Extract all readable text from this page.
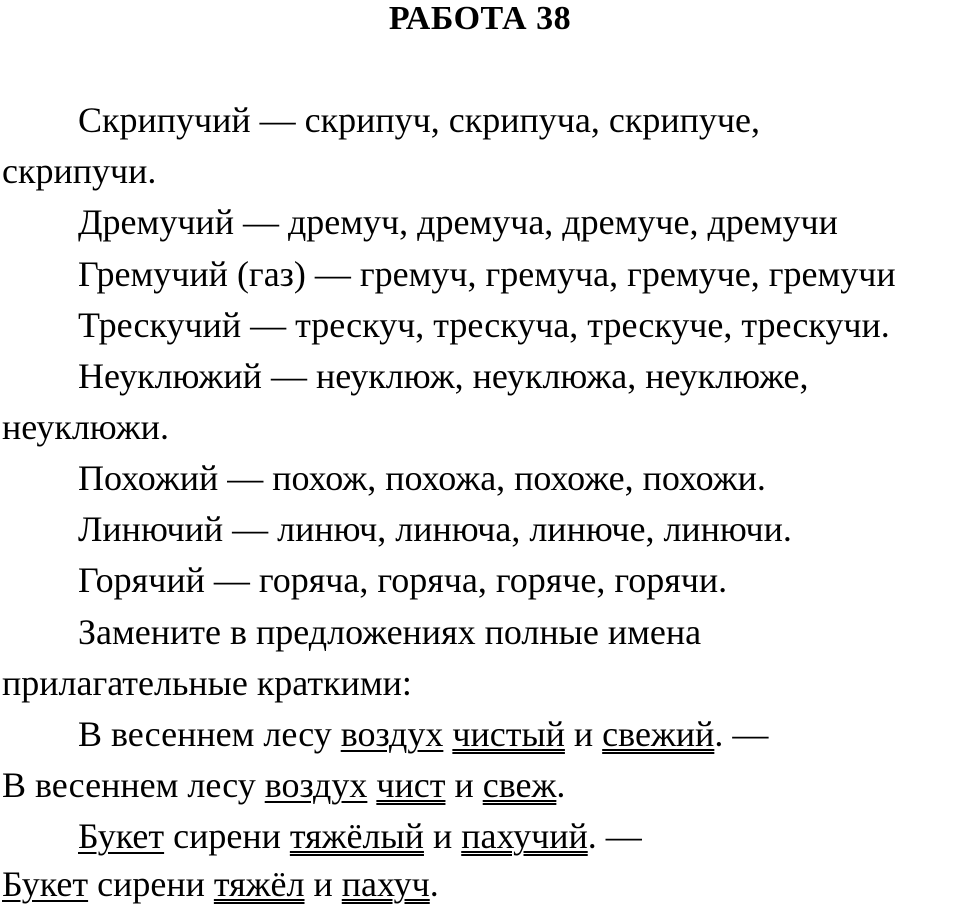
РАБОТА 38

Скрипучий — скрипуч, скрипуча, скрипуче,

скрипучи.

Дремучий — дремуч, дремуча, дремуче, дремучи

Гремучий (газ) — гремуч, гремуча, гремуче, гремучи

Трескучий — трескуч, трескуча, трескуче, трескучи.

Неуклюжий — неуклюж, неуклюжа, неуклюже,

неуклюжи.

Похожий — похож, похожа, похоже, похожи.

Линючий — линюч, линюча, линюче, линючи.

Горячий — горяча, горяча, горяче, горячи.

Замените в предложениях полные имена

прилагательные краткими:

В весеннем лесу воздух чистый и свежий. —

В весеннем лесу воздух чист и свеж.

Букет сирени тяжёлый и пахучий. —

Букет сирени тяжёл и пахуч.
